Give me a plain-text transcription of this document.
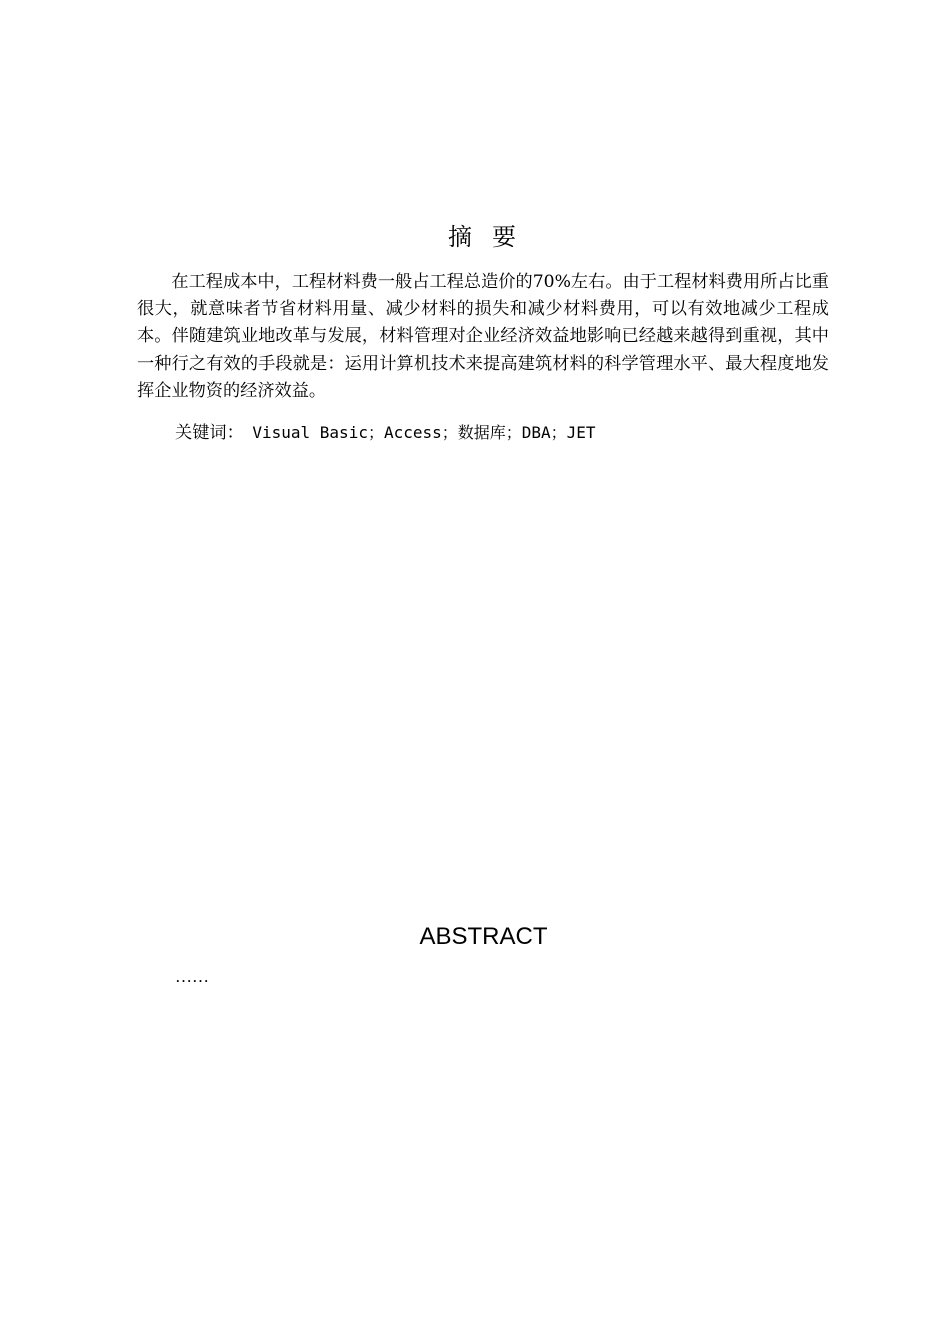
摘要

在工程成本中，工程材料费一般占工程总造价的70%左右。由于工程材料费用所占比重很大，就意味者节省材料用量、减少材料的损失和减少材料费用，可以有效地减少工程成本。伴随建筑业地改革与发展，材料管理对企业经济效益地影响已经越来越得到重视，其中一种行之有效的手段就是：运用计算机技术来提高建筑材料的科学管理水平、最大程度地发挥企业物资的经济效益。

关键词： Visual Basic；Access；数据库；DBA；JET
ABSTRACT
……
